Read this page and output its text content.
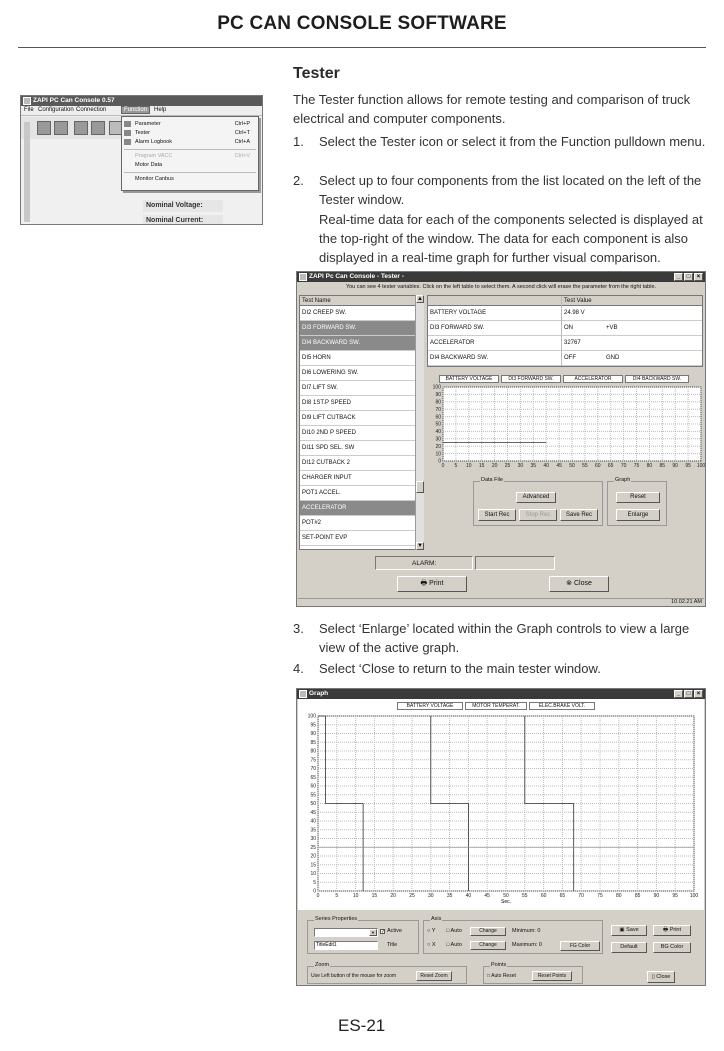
PC CAN CONSOLE SOFTWARE
Tester
The Tester function allows for remote testing and comparison of truck electrical and computer components.
1. Select the Tester icon or select it from the Function pulldown menu.
2. Select up to four components from the list located on the left of the Tester window.
Real-time data for each of the components selected is displayed at the top-right of the window. The data for each component is also displayed in a real-time graph for further visual comparison.
ZAPI PC Can Console 0.57
File Configuration Connection	Function	Help
Parameter	Ctrl+P
Tester	Ctrl+T
Alarm Logbook	Ctrl+A
Program VACC	Ctrl+V
Motor Data
Monitor Canbus
Nominal Voltage:
Nominal Current:
ZAPI Pc Can Console - Tester -	_	□	×
You can see 4 tester variables. Click on the left table to select them. A second click will erase the parameter from the right table.
Test Name
DI2 CREEP SW.
DI3 FORWARD SW.
DI4 BACKWARD SW.
DI5 HORN
DI6 LOWERING SW.
DI7 LIFT SW.
DI8 1ST.P SPEED
DI9 LIFT CUTBACK
DI10 2ND P SPEED
DI11 SPD SEL. SW
DI12 CUTBACK 2
CHARGER INPUT
POT1 ACCEL.
ACCELERATOR
POT#2
SET-POINT EVP
▲
▼
Test Value
BATTERY VOLTAGE	24.98 V
DI3 FORWARD SW.	ON	+VB
ACCELERATOR	32767
DI4 BACKWARD SW.	OFF	GND
BATTERY VOLTAGE	DI3 FORWARD SW.	ACCELERATOR	DI4 BACKWARD SW.
100
90
80
70
60
50
40
30
20
10
0
0 5 10 15 20 25 30 35 40 45 50 55 60 65 70 75 80 85 90 95 100
Data File
Advanced
Start Rec	Stop Rec	Save Rec
Graph
Reset
Enlarge
ALARM:
🖶 Print	⊗ Close
10.02.21 AM
3. Select ‘Enlarge’ located within the Graph controls to view a large view of the active graph.
4. Select ‘Close to return to the main tester window.
Graph	_	□	×
BATTERY VOLTAGE	MOTOR TEMPERAT.	ELEC.BRAKE VOLT.
100
95
90
85
80
75
70
65
60
55
50
45
40
35
30
25
20
15
10
5
0
0	5	10	15	20	25	30	35	40	45	50	55	60	65	70	75	80	85	90	95 100
Sec.
Series Properties
▼	✓ Active
TitleEdit1	Title
Axis
○ Y □ Auto	Change	Minimum: 0
○ X □ Auto	Change	Maximum: 0	FG Color
▣ Save	🖶 Print
Default	BG Color
Zoom
Use Left button of the mouse for zoom	Reset Zoom
Points
□ Auto Reset	Reset Points	▯ Close
ES-21
